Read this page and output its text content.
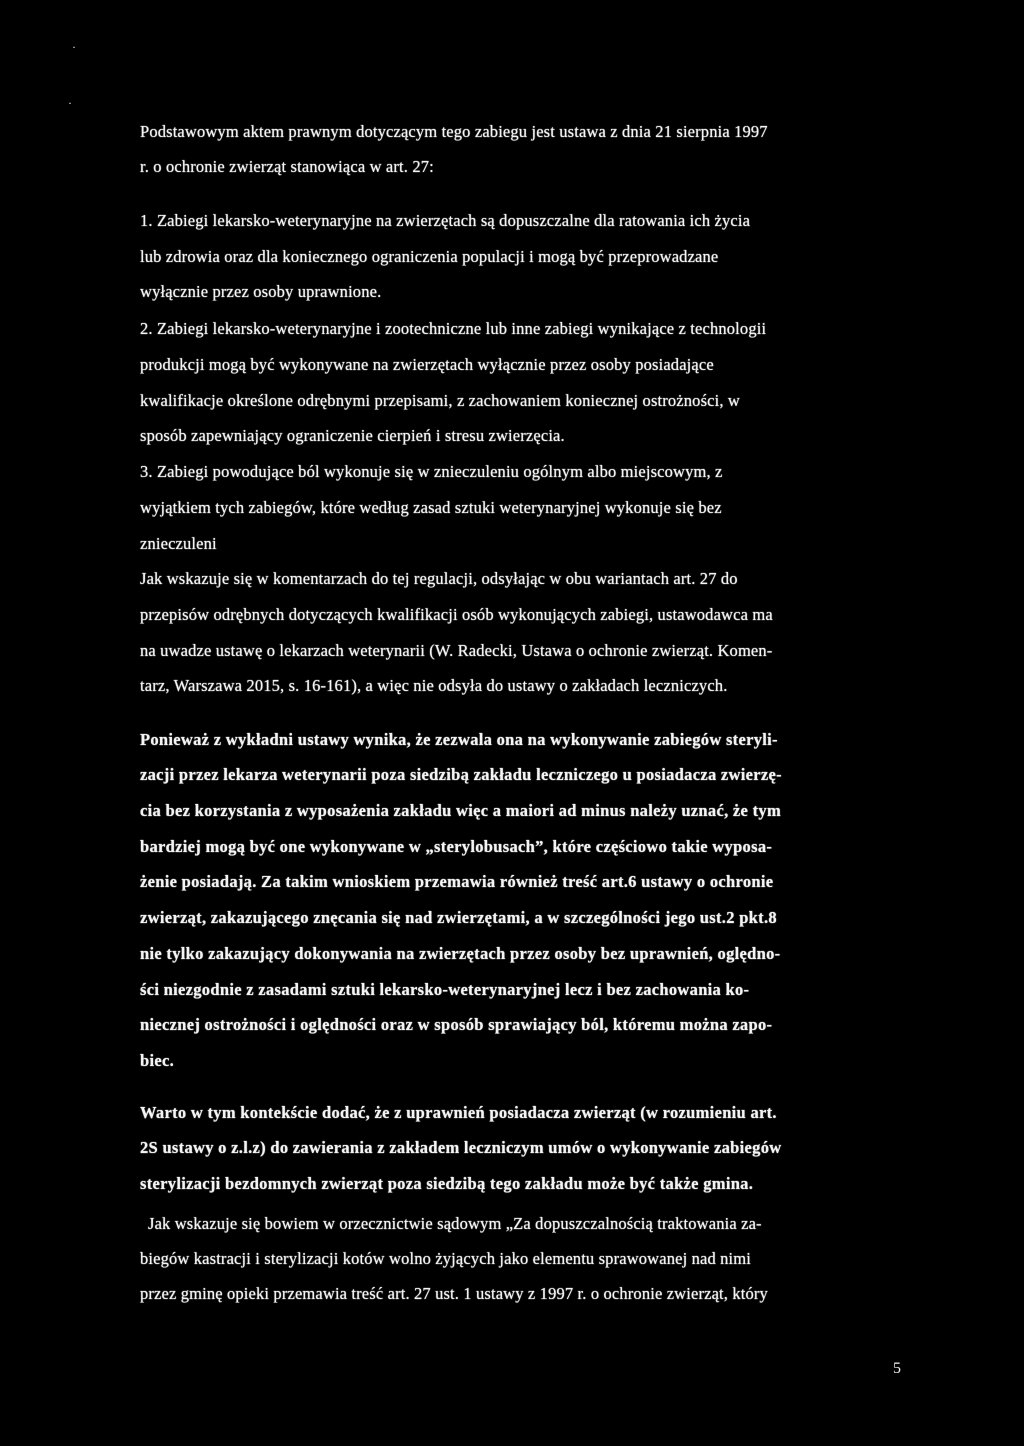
·
·
Podstawowym aktem prawnym dotyczącym tego zabiegu jest ustawa z dnia 21 sierpnia 1997
r. o ochronie zwierząt stanowiąca w art. 27:
1. Zabiegi lekarsko-weterynaryjne na zwierzętach są dopuszczalne dla ratowania ich życia
lub zdrowia oraz dla koniecznego ograniczenia populacji i mogą być przeprowadzane
wyłącznie przez osoby uprawnione.
2. Zabiegi lekarsko-weterynaryjne i zootechniczne lub inne zabiegi wynikające z technologii
produkcji mogą być wykonywane na zwierzętach wyłącznie przez osoby posiadające
kwalifikacje określone odrębnymi przepisami, z zachowaniem koniecznej ostrożności, w
sposób zapewniający ograniczenie cierpień i stresu zwierzęcia.
3. Zabiegi powodujące ból wykonuje się w znieczuleniu ogólnym albo miejscowym, z
wyjątkiem tych zabiegów, które według zasad sztuki weterynaryjnej wykonuje się bez
znieczuleni
Jak wskazuje się w komentarzach do tej regulacji, odsyłając w obu wariantach art. 27 do
przepisów odrębnych dotyczących kwalifikacji osób wykonujących zabiegi, ustawodawca ma
na uwadze ustawę o lekarzach weterynarii (W. Radecki, Ustawa o ochronie zwierząt. Komen-
tarz, Warszawa 2015, s. 16-161), a więc nie odsyła do ustawy o zakładach leczniczych.
Ponieważ z wykładni ustawy wynika, że zezwala ona na wykonywanie zabiegów steryli-
zacji przez lekarza weterynarii poza siedzibą zakładu leczniczego u posiadacza zwierzę-
cia bez korzystania z wyposażenia zakładu więc a maiori ad minus należy uznać, że tym
bardziej mogą być one wykonywane w „sterylobusach”, które częściowo takie wyposa-
żenie posiadają. Za takim wnioskiem przemawia również treść art.6 ustawy o ochronie
zwierząt, zakazującego znęcania się nad zwierzętami, a w szczególności jego ust.2 pkt.8
nie tylko zakazujący dokonywania na zwierzętach przez osoby bez uprawnień, oględno-
ści niezgodnie z zasadami sztuki lekarsko-weterynaryjnej lecz i bez zachowania ko-
niecznej ostrożności i oględności oraz w sposób sprawiający ból, któremu można zapo-
biec.
Warto w tym kontekście dodać, że z uprawnień posiadacza zwierząt (w rozumieniu art.
2S ustawy o z.l.z) do zawierania z zakładem leczniczym umów o wykonywanie zabiegów
sterylizacji bezdomnych zwierząt poza siedzibą tego zakładu może być także gmina.
Jak wskazuje się bowiem w orzecznictwie sądowym „Za dopuszczalnością traktowania za-
biegów kastracji i sterylizacji kotów wolno żyjących jako elementu sprawowanej nad nimi
przez gminę opieki przemawia treść art. 27 ust. 1 ustawy z 1997 r. o ochronie zwierząt, który
5
